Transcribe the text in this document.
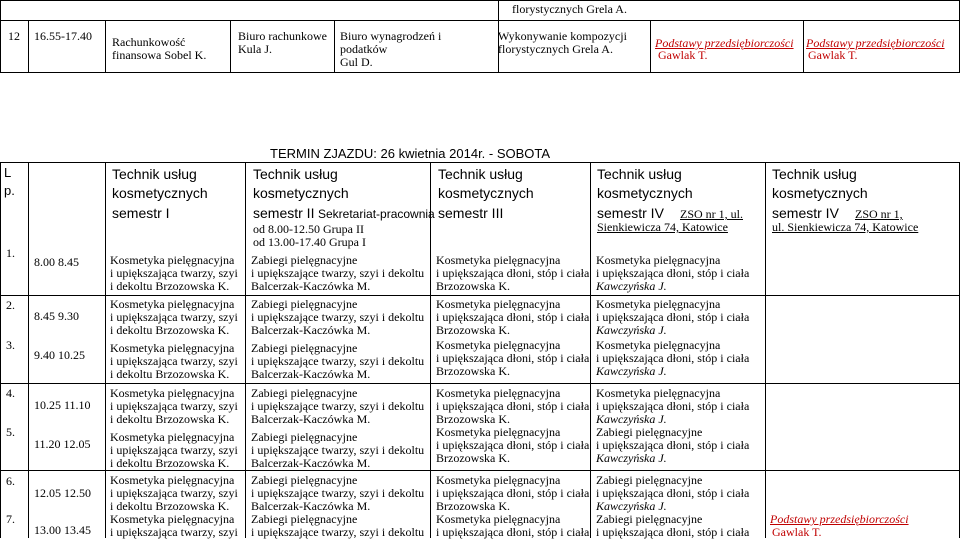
florystycznych Grela A.
12 16.55-17.40 Rachunkowość
finansowa Sobel K.
Biuro rachunkowe
Kula J.
Biuro wynagrodzeń i
podatków
Gul D.
Wykonywanie kompozycji
florystycznych Grela A.	Podstawy przedsiębiorczości
Gawlak T.
Podstawy przedsiębiorczości
Gawlak T.
TERMIN ZJAZDU: 26 kwietnia 2014r. - SOBOTA
L
p.
Technik usług
kosmetycznych
semestr I
Technik usług
kosmetycznych
semestr II Sekretariat-pracownia
od 8.00-12.50 Grupa II
od 13.00-17.40 Grupa I
Technik usług
kosmetycznych
semestr III
Technik usług
kosmetycznych
semestr IV ZSO nr 1, ul.
Sienkiewicza 74, Katowice
Technik usług
kosmetycznych
semestr IV ZSO nr 1,
ul. Sienkiewicza 74, Katowice
1.
8.00 8.45
2.
8.45 9.30
3.
9.40 10.25
4.
10.25 11.10
5.
11.20 12.05
6.
12.05 12.50
7.
13.00 13.45
Kosmetyka pielęgnacyjna
i upiększająca twarzy, szyi
i dekoltu Brzozowska K.
Kosmetyka pielęgnacyjna
i upiększająca twarzy, szyi
i dekoltu Brzozowska K.
Kosmetyka pielęgnacyjna
i upiększająca twarzy, szyi
i dekoltu Brzozowska K.
Kosmetyka pielęgnacyjna
i upiększająca twarzy, szyi
i dekoltu Brzozowska K.
Kosmetyka pielęgnacyjna
i upiększająca twarzy, szyi
i dekoltu Brzozowska K.
Kosmetyka pielęgnacyjna
i upiększająca twarzy, szyi
i dekoltu Brzozowska K.
Kosmetyka pielęgnacyjna
i upiększająca twarzy, szyi
Zabiegi pielęgnacyjne
i upiększające twarzy, szyi i dekoltu
Balcerzak-Kaczówka M.
Zabiegi pielęgnacyjne
i upiększające twarzy, szyi i dekoltu
Balcerzak-Kaczówka M.
Zabiegi pielęgnacyjne
i upiększające twarzy, szyi i dekoltu
Balcerzak-Kaczówka M.
Zabiegi pielęgnacyjne
i upiększające twarzy, szyi i dekoltu
Balcerzak-Kaczówka M.
Zabiegi pielęgnacyjne
i upiększające twarzy, szyi i dekoltu
Balcerzak-Kaczówka M.
Zabiegi pielęgnacyjne
i upiększające twarzy, szyi i dekoltu
Balcerzak-Kaczówka M.
Zabiegi pielęgnacyjne
i upiększające twarzy, szyi i dekoltu
Kosmetyka pielęgnacyjna
i upiększająca dłoni, stóp i ciała
Brzozowska K.
Kosmetyka pielęgnacyjna
i upiększająca dłoni, stóp i ciała
Brzozowska K.
Kosmetyka pielęgnacyjna
i upiększająca dłoni, stóp i ciała
Brzozowska K.
Kosmetyka pielęgnacyjna
i upiększająca dłoni, stóp i ciała
Brzozowska K.
Kosmetyka pielęgnacyjna
i upiększająca dłoni, stóp i ciała
Brzozowska K.
Kosmetyka pielęgnacyjna
i upiększająca dłoni, stóp i ciała
Brzozowska K.
Kosmetyka pielęgnacyjna
i upiększająca dłoni, stóp i ciała
Kosmetyka pielęgnacyjna
i upiększająca dłoni, stóp i ciała
Kawczyńska J.
Kosmetyka pielęgnacyjna
i upiększająca dłoni, stóp i ciała
Kawczyńska J.
Kosmetyka pielęgnacyjna
i upiększająca dłoni, stóp i ciała
Kawczyńska J.
Kosmetyka pielęgnacyjna
i upiększająca dłoni, stóp i ciała
Kawczyńska J.
Zabiegi pielęgnacyjne
i upiększająca dłoni, stóp i ciała
Kawczyńska J.
Zabiegi pielęgnacyjne
i upiększająca dłoni, stóp i ciała
Kawczyńska J.
Zabiegi pielęgnacyjne
i upiększająca dłoni, stóp i ciała
Podstawy przedsiębiorczości
Gawlak T.
